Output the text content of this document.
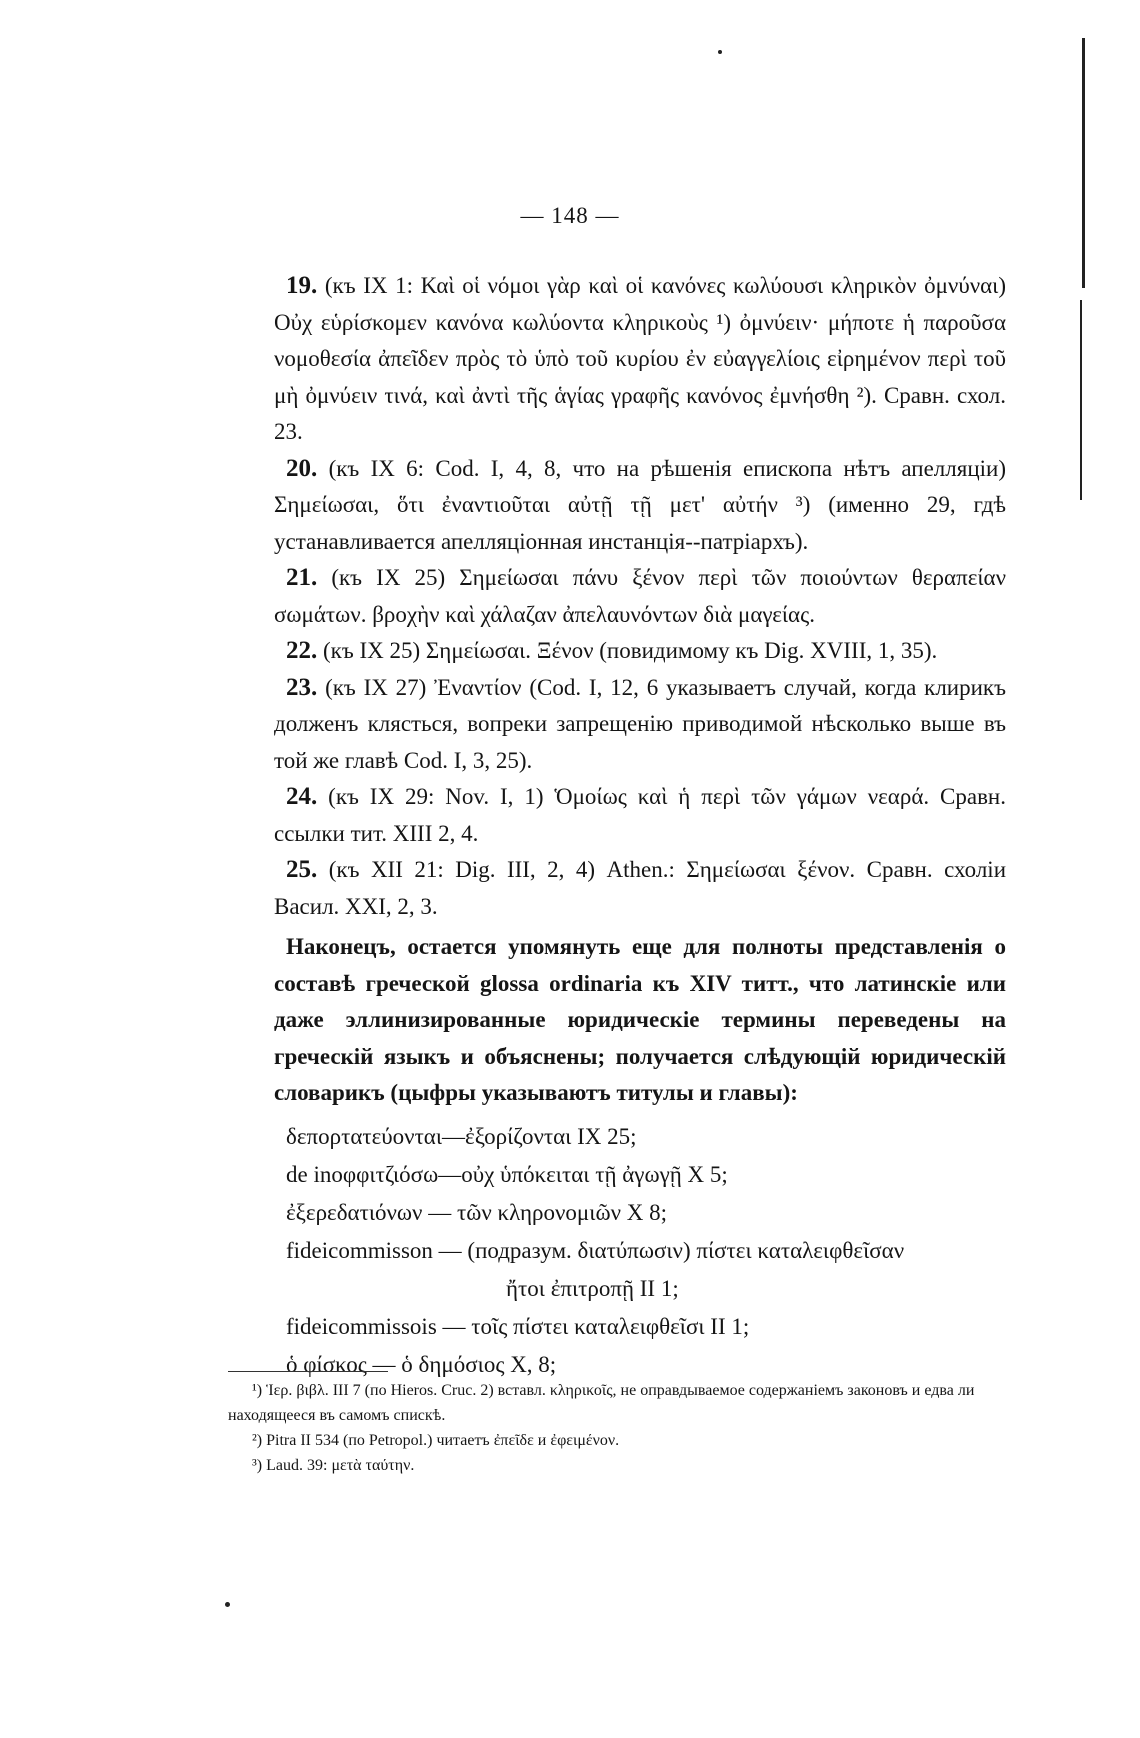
— 148 —

19. (къ IX 1: Καὶ οἱ νόμοι γὰρ καὶ οἱ κανόνες κωλύουσι κληρικὸν ὀμνύναι) Οὐχ εὑρίσκομεν κανόνα κωλύοντα κληρικοὺς ¹) ὀμνύειν· μήποτε ἡ παροῦσα νομοθεσία ἀπεῖδεν πρὸς τὸ ὑπὸ τοῦ κυρίου ἐν εὐαγγελίοις εἰρημένον περὶ τοῦ μὴ ὀμνύειν τινά, καὶ ἀντὶ τῆς ἁγίας γραφῆς κανόνος ἐμνήσθη ²). Сравн. схол. 23.

20. (къ IX 6: Cod. I, 4, 8, что на рѣшенія епископа нѣтъ апелляціи) Σημείωσαι, ὅτι ἐναντιοῦται αὐτῇ τῇ μετ' αὐτήν ³) (именно 29, гдѣ устанавливается апелляціонная инстанція--патріархъ).

21. (къ IX 25) Σημείωσαι πάνυ ξένον περὶ τῶν ποιούντων θεραπείαν σωμάτων. βροχὴν καὶ χάλαζαν ἀπελαυνόντων διὰ μαγείας.

22. (къ IX 25) Σημείωσαι. Ξένον (повидимому къ Dig. XVIII, 1, 35).

23. (къ IX 27) Ἐναντίον (Cod. I, 12, 6 указываетъ случай, когда клирикъ долженъ клясться, вопреки запрещенію приводимой нѣсколько выше въ той же главѣ Cod. I, 3, 25).

24. (къ IX 29: Nov. I, 1) Ὁμοίως καὶ ἡ περὶ τῶν γάμων νεαρά. Сравн. ссылки тит. XIII 2, 4.

25. (къ XII 21: Dig. III, 2, 4) Athen.: Σημείωσαι ξένον. Сравн. схоліи Васил. XXI, 2, 3.

Наконецъ, остается упомянуть еще для полноты представленія о составѣ греческой glossa ordinaria къ XIV титт., что латинскіе или даже эллинизированные юридическіе термины переведены на греческій языкъ и объяснены; получается слѣдующій юридическій словарикъ (цыфры указываютъ титулы и главы):

δεπορτατεύονται—ἐξορίζονται IX 25;
de inοφφιτζιόσω—οὐχ ὑπόκειται τῇ ἀγωγῇ X 5;
ἐξερεδατιόνων — τῶν κληρονομιῶν X 8;
fideicommisson — (подразум. διατύπωσιν) πίστει καταλειφθεῖσαν
ἤτοι ἐπιτροπῇ II 1;
fideicommissois — τοῖς πίστει καταλειφθεῖσι II 1;
ὁ φίσκος — ὁ δημόσιος X, 8;

¹) Ἱερ. βιβλ. III 7 (по Hieros. Cruc. 2) вставл. κληρικοῖς, не оправдываемое содержаніемъ законовъ и едва ли находящееся въ самомъ спискѣ.

²) Pitra II 534 (по Petropol.) читаетъ ἐπεῖδε и ἐφειμένον.

³) Laud. 39: μετὰ ταύτην.
